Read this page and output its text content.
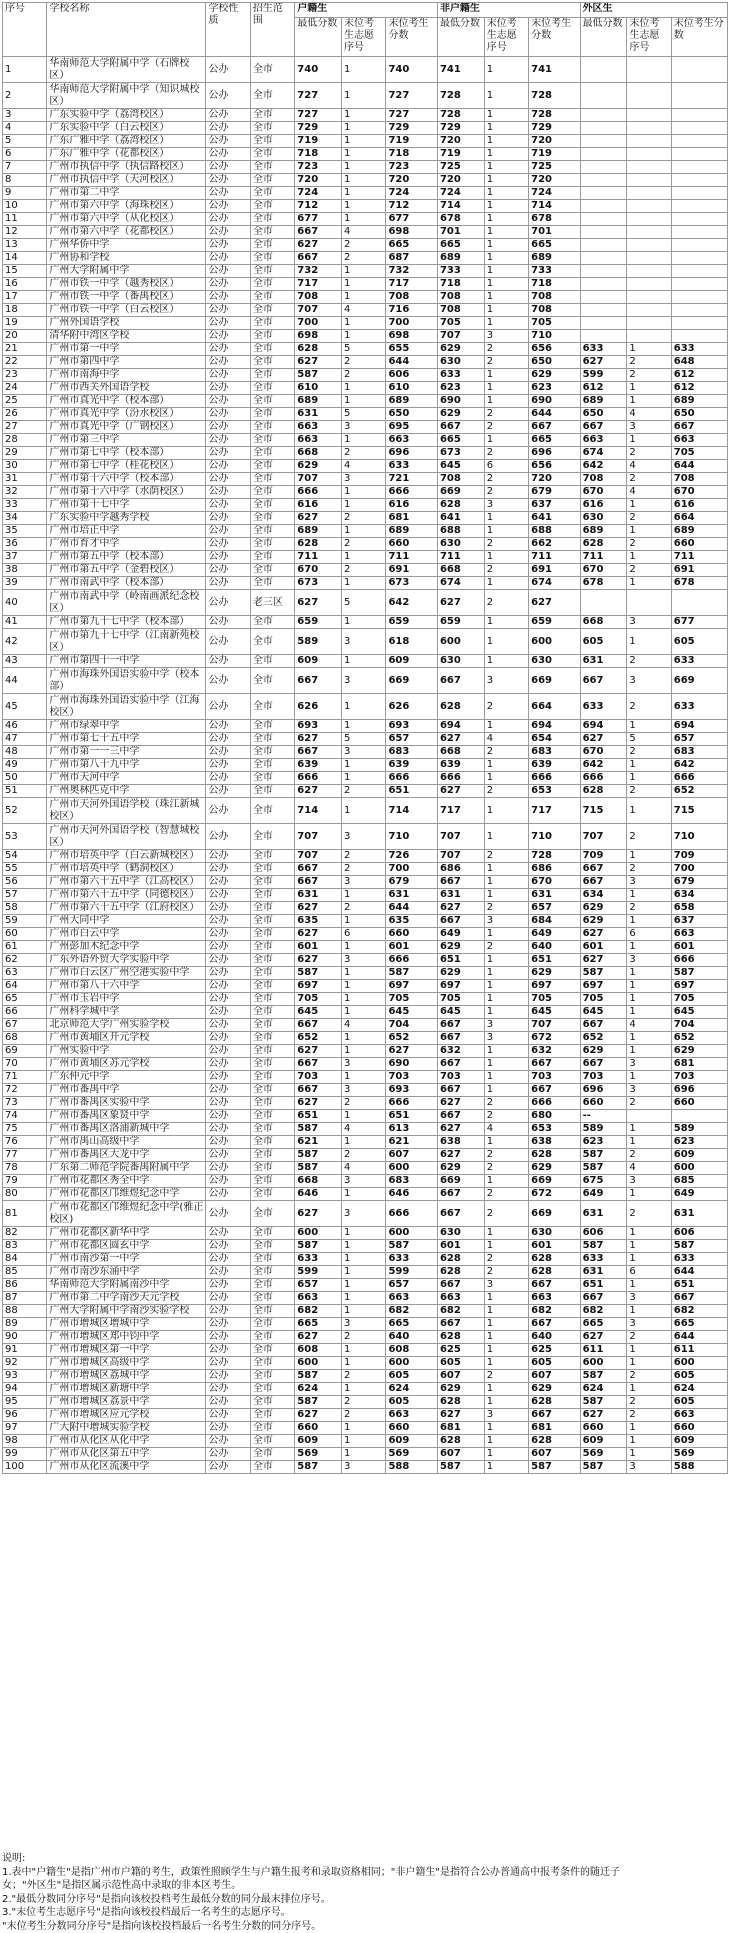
序号	学校名称	学校性质	招生范围	户籍生			非户籍生			外区生		
				最低分数	末位考生志愿序号	末位考生分数	最低分数	末位考生志愿序号	末位考生分数	最低分数	末位考生志愿序号	末位考生分数
1	华南师范大学附属中学（石牌校区）	公办	全市	740	1	740	741	1	741			
2	华南师范大学附属中学（知识城校区）	公办	全市	727	1	727	728	1	728			
3	广东实验中学（荔湾校区）	公办	全市	727	1	727	728	1	728			
4	广东实验中学（白云校区）	公办	全市	729	1	729	729	1	729			
5	广东广雅中学（荔湾校区）	公办	全市	719	1	719	720	1	720			
6	广东广雅中学（花都校区）	公办	全市	718	1	718	719	1	719			
7	广州市执信中学（执信路校区）	公办	全市	723	1	723	725	1	725			
8	广州市执信中学（天河校区）	公办	全市	720	1	720	720	1	720			
9	广州市第二中学	公办	全市	724	1	724	724	1	724			
10	广州市第六中学（海珠校区）	公办	全市	712	1	712	714	1	714			
11	广州市第六中学（从化校区）	公办	全市	677	1	677	678	1	678			
12	广州市第六中学（花都校区）	公办	全市	667	4	698	701	1	701			
13	广州华侨中学	公办	全市	627	2	665	665	1	665			
14	广州协和学校	公办	全市	667	2	687	689	1	689			
15	广州大学附属中学	公办	全市	732	1	732	733	1	733			
16	广州市铁一中学（越秀校区）	公办	全市	717	1	717	718	1	718			
17	广州市铁一中学（番禺校区）	公办	全市	708	1	708	708	1	708			
18	广州市铁一中学（白云校区）	公办	全市	707	4	716	708	1	708			
19	广州外国语学校	公办	全市	700	1	700	705	1	705			
20	清华附中湾区学校	公办	全市	698	1	698	707	3	710			
21	广州市第一中学	公办	全市	628	5	655	629	2	656	633	1	633
22	广州市第四中学	公办	全市	627	2	644	630	2	650	627	2	648
23	广州市南海中学	公办	全市	587	2	606	633	1	629	599	2	612
24	广州市西关外国语学校	公办	全市	610	1	610	623	1	623	612	1	612
25	广州市真光中学（校本部）	公办	全市	689	1	689	690	1	690	689	1	689
26	广州市真光中学（汾水校区）	公办	全市	631	5	650	629	2	644	650	4	650
27	广州市真光中学（广钢校区）	公办	全市	663	3	695	667	2	667	667	3	667
28	广州市第三中学	公办	全市	663	1	663	665	1	665	663	1	663
29	广州市第七中学（校本部）	公办	全市	668	2	696	673	2	696	674	2	705
30	广州市第七中学（桂花校区）	公办	全市	629	4	633	645	6	656	642	4	644
31	广州市第十六中学（校本部）	公办	全市	707	3	721	708	2	720	708	2	708
32	广州市第十六中学（水荫校区）	公办	全市	666	1	666	669	2	679	670	4	670
33	广州市第十七中学	公办	全市	616	1	616	628	3	637	616	1	616
34	广东实验中学越秀学校	公办	全市	627	2	681	641	1	641	630	2	664
35	广州市培正中学	公办	全市	689	1	689	688	1	688	689	1	689
36	广州市育才中学	公办	全市	628	2	660	630	2	662	628	2	660
37	广州市第五中学（校本部）	公办	全市	711	1	711	711	1	711	711	1	711
38	广州市第五中学（金碧校区）	公办	全市	670	2	691	668	2	691	670	2	691
39	广州市南武中学（校本部）	公办	全市	673	1	673	674	1	674	678	1	678
40	广州市南武中学（岭南画派纪念校区）	公办	老三区	627	5	642	627	2	627			
41	广州市第九十七中学（校本部）	公办	全市	659	1	659	659	1	659	668	3	677
42	广州市第九十七中学（江南新苑校区）	公办	全市	589	3	618	600	1	600	605	1	605
43	广州市第四十一中学	公办	全市	609	1	609	630	1	630	631	2	633
44	广州市海珠外国语实验中学（校本部）	公办	全市	667	3	669	667	3	669	667	3	669
45	广州市海珠外国语实验中学（江海校区）	公办	全市	626	1	626	628	2	664	633	2	633
46	广州市绿翠中学	公办	全市	693	1	693	694	1	694	694	1	694
47	广州市第七十五中学	公办	全市	627	5	657	627	4	654	627	5	657
48	广州市第一一三中学	公办	全市	667	3	683	668	2	683	670	2	683
49	广州市第八十九中学	公办	全市	639	1	639	639	1	639	642	1	642
50	广州市天河中学	公办	全市	666	1	666	666	1	666	666	1	666
51	广州奥林匹克中学	公办	全市	627	2	651	627	2	653	628	2	652
52	广州市天河外国语学校（珠江新城校区）	公办	全市	714	1	714	717	1	717	715	1	715
53	广州市天河外国语学校（智慧城校区）	公办	全市	707	3	710	707	1	710	707	2	710
54	广州市培英中学（白云新城校区）	公办	全市	707	2	726	707	2	728	709	1	709
55	广州市培英中学（鹤洞校区）	公办	全市	667	2	700	686	1	686	667	2	700
56	广州市第六十五中学（江高校区）	公办	全市	667	3	679	667	1	670	667	3	679
57	广州市第六十五中学（同德校区）	公办	全市	631	1	631	631	1	631	634	1	634
58	广州市第六十五中学（江府校区）	公办	全市	627	2	644	627	2	657	629	2	658
59	广州大同中学	公办	全市	635	1	635	667	3	684	629	1	637
60	广州市白云中学	公办	全市	627	6	660	649	1	649	627	6	663
61	广州彭加木纪念中学	公办	全市	601	1	601	629	2	640	601	1	601
62	广东外语外贸大学实验中学	公办	全市	627	3	666	651	1	651	627	3	666
63	广州市白云区广州空港实验中学	公办	全市	587	1	587	629	1	629	587	1	587
64	广州市第八十六中学	公办	全市	697	1	697	697	1	697	697	1	697
65	广州市玉岩中学	公办	全市	705	1	705	705	1	705	705	1	705
66	广州科学城中学	公办	全市	645	1	645	645	1	645	645	1	645
67	北京师范大学广州实验学校	公办	全市	667	4	704	667	3	707	667	4	704
68	广州市黄埔区开元学校	公办	全市	652	1	652	667	3	672	652	1	652
69	广州实验中学	公办	全市	627	1	627	632	1	632	629	1	629
70	广州市黄埔区苏元学校	公办	全市	667	3	690	667	1	667	667	3	681
71	广东仲元中学	公办	全市	703	1	703	703	1	703	703	1	703
72	广州市番禺中学	公办	全市	667	3	693	667	1	667	696	3	696
73	广州市番禺区实验中学	公办	全市	627	2	666	627	2	666	660	2	660
74	广州市番禺区象贤中学	公办	全市	651	1	651	667	2	680	--		
75	广州市番禺区洛浦新城中学	公办	全市	587	4	613	627	4	653	589	1	589
76	广州市禺山高级中学	公办	全市	621	1	621	638	1	638	623	1	623
77	广州市番禺区大龙中学	公办	全市	587	2	607	627	2	628	587	2	609
78	广东第二师范学院番禺附属中学	公办	全市	587	4	600	629	2	629	587	4	600
79	广州市花都区秀全中学	公办	全市	668	3	683	669	1	669	675	3	685
80	广州市花都区邝维煜纪念中学	公办	全市	646	1	646	667	2	672	649	1	649
81	广州市花都区邝维煜纪念中学(雅正校区)	公办	全市	627	3	666	667	2	669	631	2	631
82	广州市花都区新华中学	公办	全市	600	1	600	630	1	630	606	1	606
83	广州市花都区圆玄中学	公办	全市	587	1	587	601	1	601	587	1	587
84	广州市南沙第一中学	公办	全市	633	1	633	628	2	628	633	1	633
85	广州市南沙东涌中学	公办	全市	599	1	599	628	2	628	631	6	644
86	华南师范大学附属南沙中学	公办	全市	657	1	657	667	3	667	651	1	651
87	广州市第二中学南沙天元学校	公办	全市	663	1	663	663	1	663	667	3	667
88	广州大学附属中学南沙实验学校	公办	全市	682	1	682	682	1	682	682	1	682
89	广州市增城区增城中学	公办	全市	665	3	665	667	1	667	665	3	665
90	广州市增城区郑中钧中学	公办	全市	627	2	640	628	1	640	627	2	644
91	广州市增城区第一中学	公办	全市	608	1	608	625	1	625	611	1	611
92	广州市增城区高级中学	公办	全市	600	1	600	605	1	605	600	1	600
93	广州市增城区荔城中学	公办	全市	587	2	605	607	2	607	587	2	605
94	广州市增城区新塘中学	公办	全市	624	1	624	629	1	629	624	1	624
95	广州市增城区荔景中学	公办	全市	587	2	605	628	1	628	587	2	605
96	广州市增城区应元学校	公办	全市	627	2	663	627	3	667	627	2	663
97	广大附中增城实验学校	公办	全市	660	1	660	681	1	681	660	1	660
98	广州市从化区从化中学	公办	全市	609	1	609	628	1	628	609	1	609
99	广州市从化区第五中学	公办	全市	569	1	569	607	1	607	569	1	569
100	广州市从化区流溪中学	公办	全市	587	3	588	587	1	587	587	3	588
说明:
1.表中"户籍生"是指广州市户籍的考生，政策性照顾学生与户籍生报考和录取资格相同；"非户籍生"是指符合公办普通高中报考条件的随迁子
女；"外区生"是指区属示范性高中录取的非本区考生。
2."最低分数同分序号"是指向该校投档考生最低分数的同分最末排位序号。
3."末位考生志愿序号"是指向该校投档最后一名考生的志愿序号。
"末位考生分数同分序号"是指向该校投档最后一名考生分数的同分序号。
